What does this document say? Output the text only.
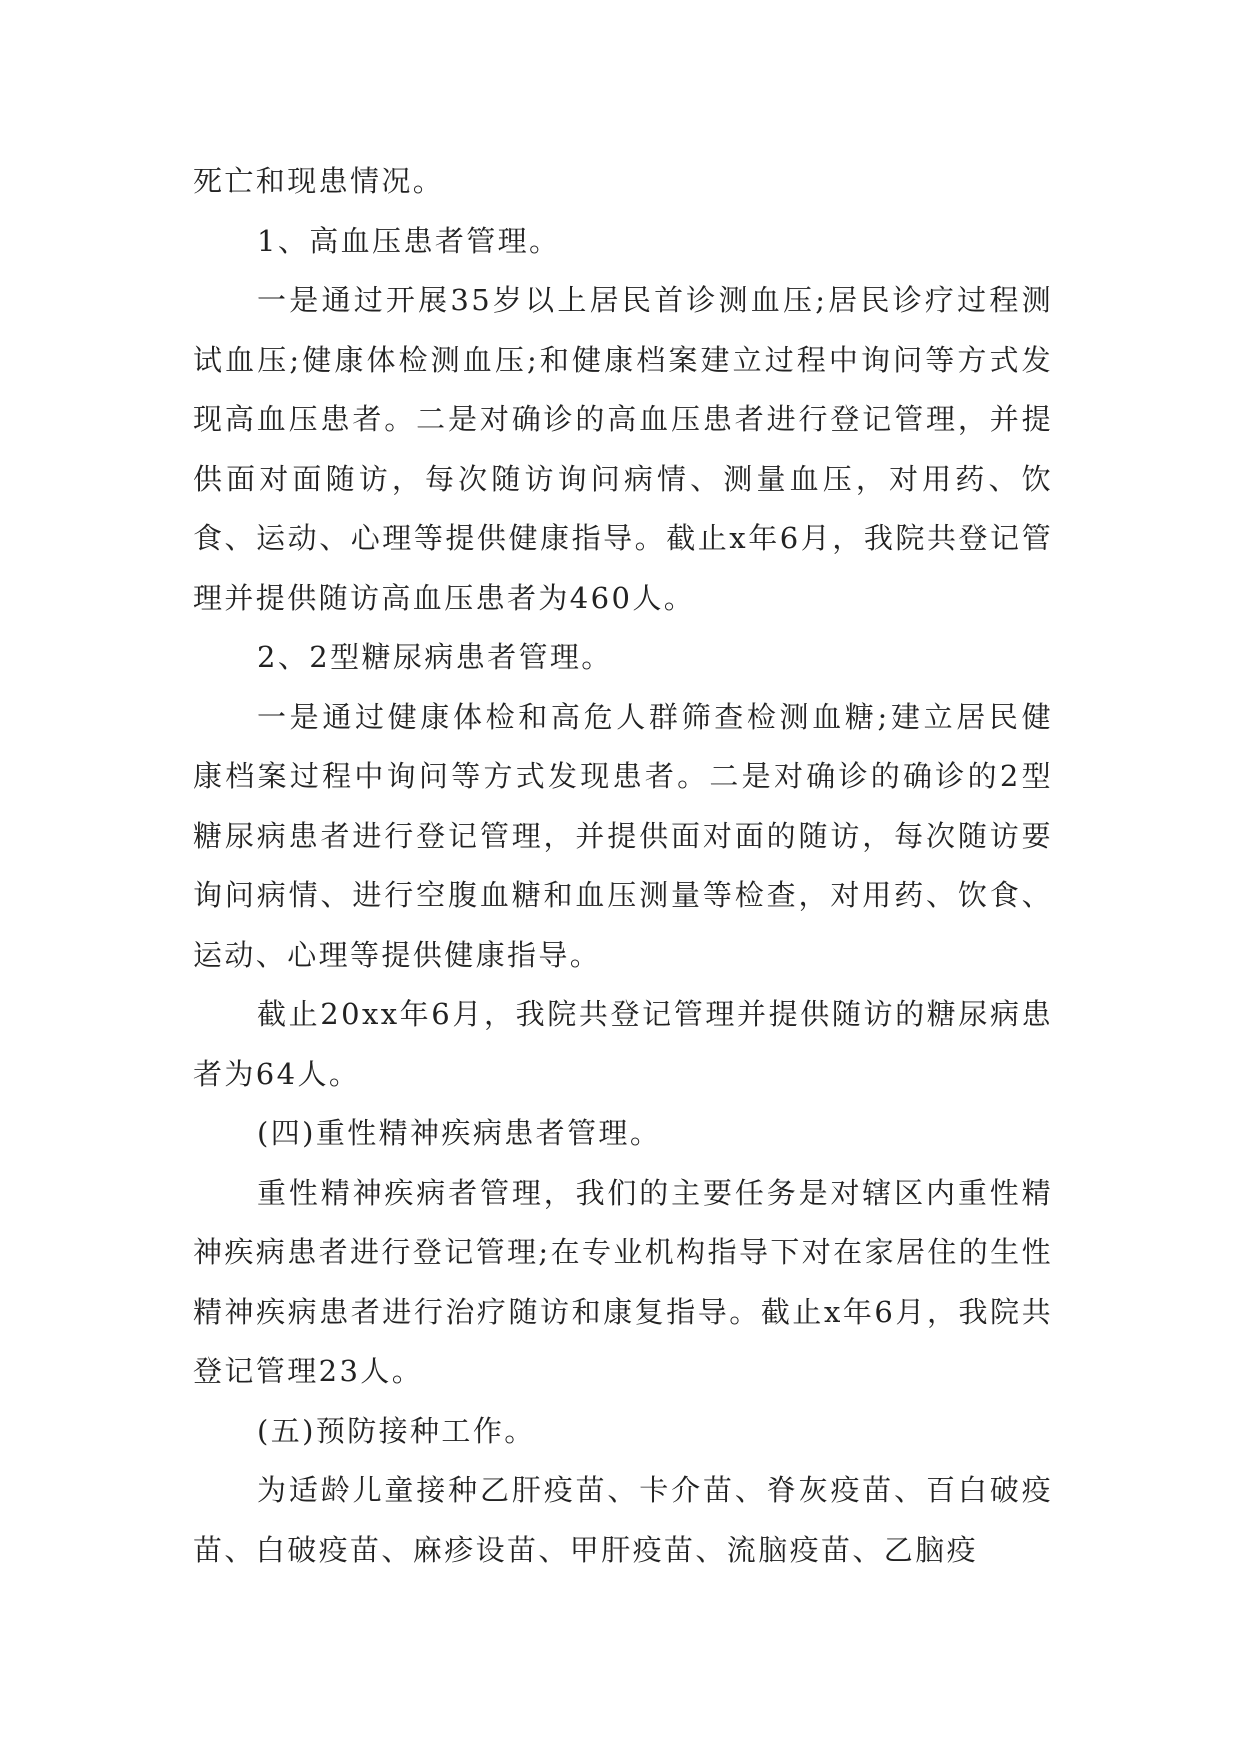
死亡和现患情况。

1、高血压患者管理。

一是通过开展35岁以上居民首诊测血压;居民诊疗过程测试血压;健康体检测血压;和健康档案建立过程中询问等方式发现高血压患者。二是对确诊的高血压患者进行登记管理，并提供面对面随访，每次随访询问病情、测量血压，对用药、饮食、运动、心理等提供健康指导。截止x年6月，我院共登记管理并提供随访高血压患者为460人。

2、2型糖尿病患者管理。

一是通过健康体检和高危人群筛查检测血糖;建立居民健康档案过程中询问等方式发现患者。二是对确诊的确诊的2型糖尿病患者进行登记管理，并提供面对面的随访，每次随访要询问病情、进行空腹血糖和血压测量等检查，对用药、饮食、运动、心理等提供健康指导。

截止20xx年6月，我院共登记管理并提供随访的糖尿病患者为64人。

(四)重性精神疾病患者管理。

重性精神疾病者管理，我们的主要任务是对辖区内重性精神疾病患者进行登记管理;在专业机构指导下对在家居住的生性精神疾病患者进行治疗随访和康复指导。截止x年6月，我院共登记管理23人。

(五)预防接种工作。

为适龄儿童接种乙肝疫苗、卡介苗、脊灰疫苗、百白破疫苗、白破疫苗、麻疹设苗、甲肝疫苗、流脑疫苗、乙脑疫
